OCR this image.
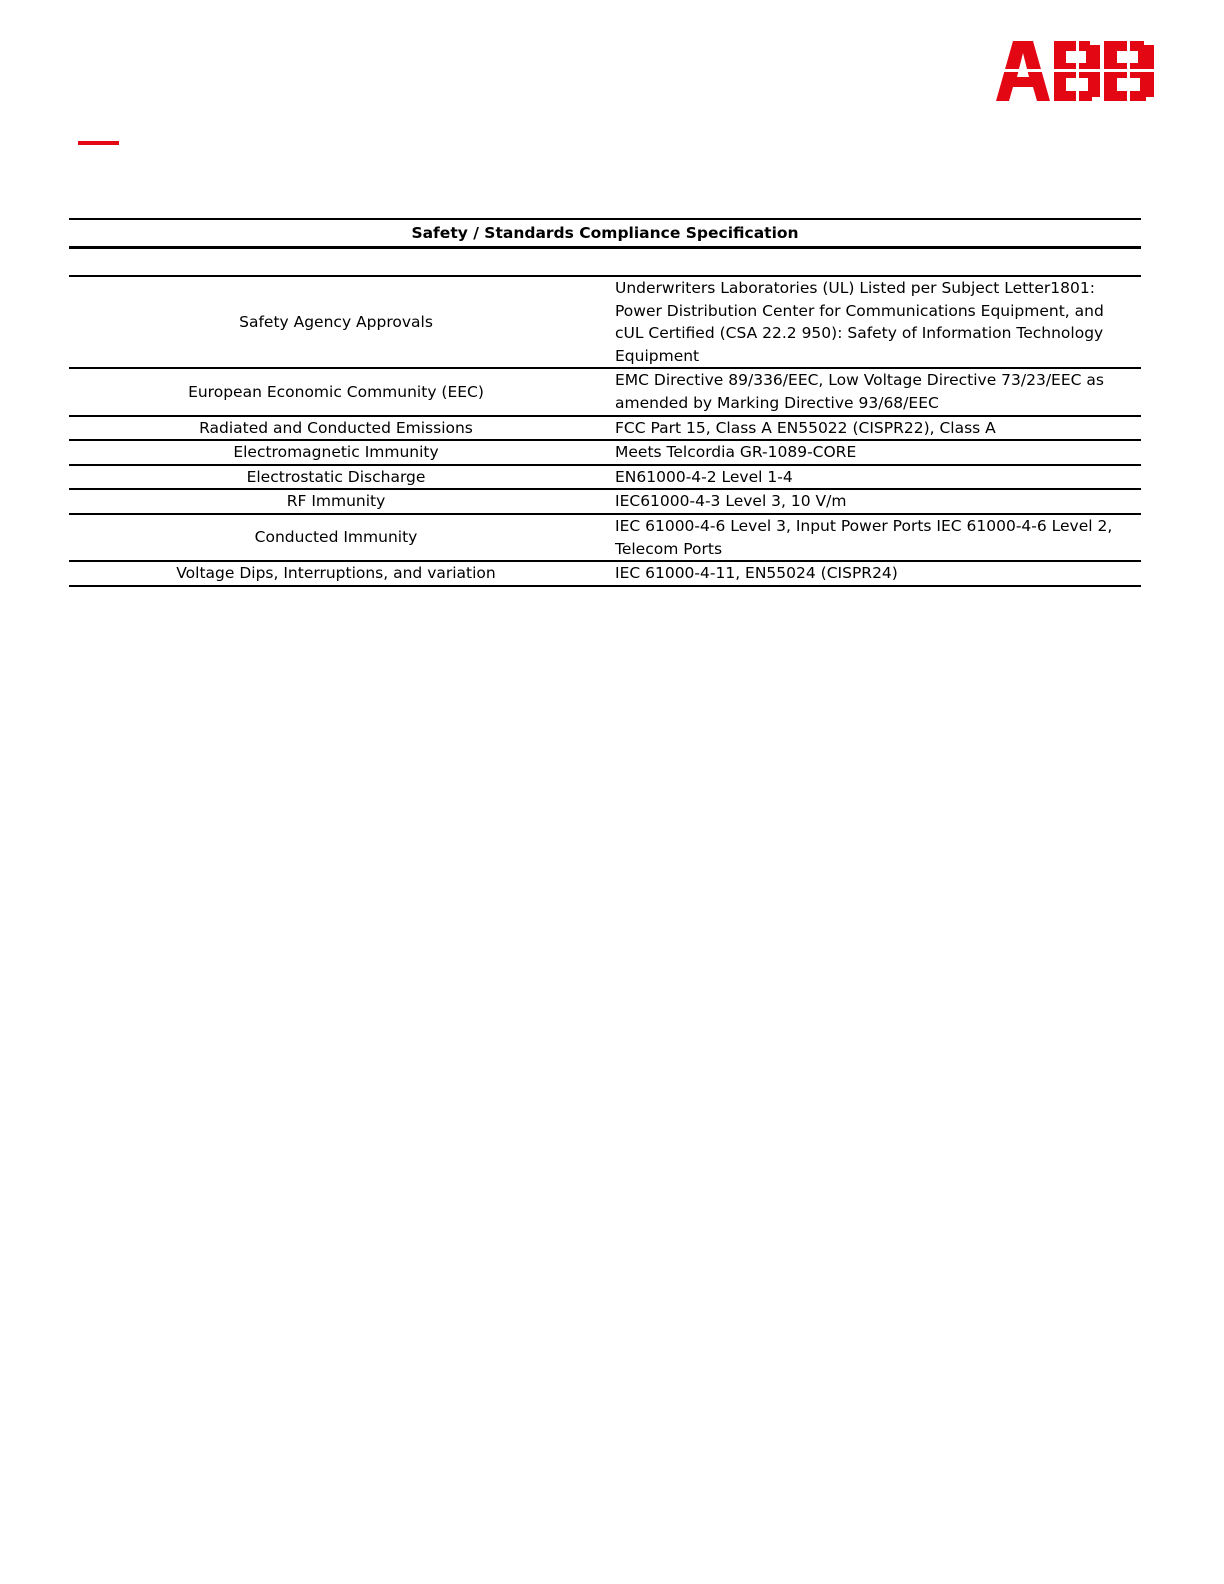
Safety / Standards Compliance Specification	

Safety Agency Approvals	Underwriters Laboratories (UL) Listed per Subject Letter1801: Power Distribution Center for Communications Equipment, and cUL Certified (CSA 22.2 950): Safety of Information Technology Equipment
European Economic Community (EEC)	EMC Directive 89/336/EEC, Low Voltage Directive 73/23/EEC as amended by Marking Directive 93/68/EEC
Radiated and Conducted Emissions	FCC Part 15, Class A EN55022 (CISPR22), Class A
Electromagnetic Immunity	Meets Telcordia GR-1089-CORE
Electrostatic Discharge	EN61000-4-2 Level 1-4
RF Immunity	IEC61000-4-3 Level 3, 10 V/m
Conducted Immunity	IEC 61000-4-6 Level 3, Input Power Ports IEC 61000-4-6 Level 2, Telecom Ports
Voltage Dips, Interruptions, and variation	IEC 61000-4-11, EN55024 (CISPR24)
